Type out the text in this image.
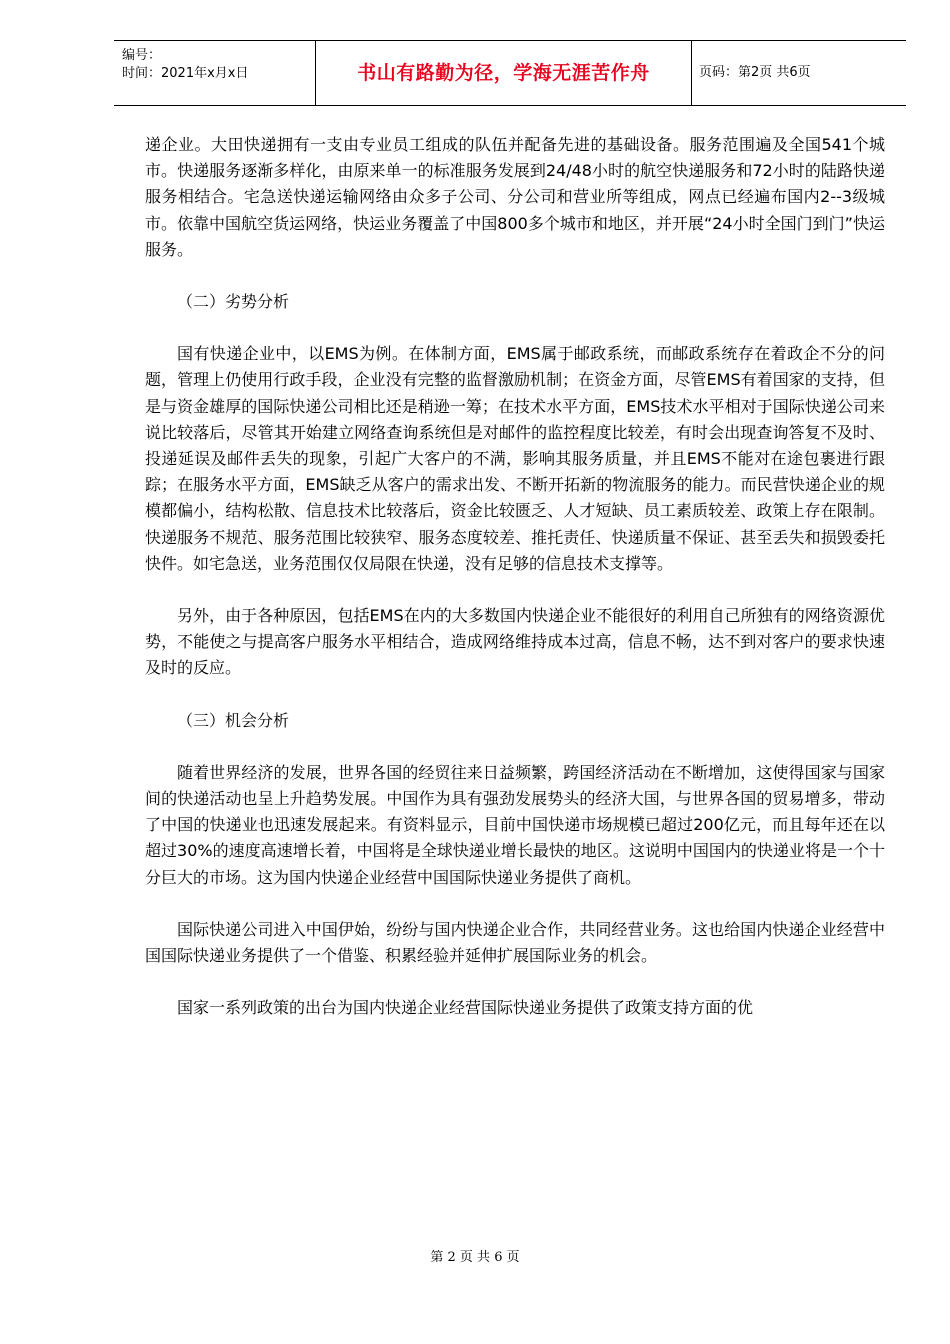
编号：
时间：2021年x月x日	书山有路勤为径，学海无涯苦作舟	页码：第2页 共6页

递企业。大田快递拥有一支由专业员工组成的队伍并配备先进的基础设备。服务范围遍及全国541个城市。快递服务逐渐多样化，由原来单一的标准服务发展到24/48小时的航空快递服务和72小时的陆路快递服务相结合。宅急送快递运输网络由众多子公司、分公司和营业所等组成，网点已经遍布国内2--3级城市。依靠中国航空货运网络，快运业务覆盖了中国800多个城市和地区，并开展“24小时全国门到门”快运服务。

（二）劣势分析

国有快递企业中，以EMS为例。在体制方面，EMS属于邮政系统，而邮政系统存在着政企不分的问题，管理上仍使用行政手段，企业没有完整的监督激励机制；在资金方面，尽管EMS有着国家的支持，但是与资金雄厚的国际快递公司相比还是稍逊一筹；在技术水平方面，EMS技术水平相对于国际快递公司来说比较落后，尽管其开始建立网络查询系统但是对邮件的监控程度比较差，有时会出现查询答复不及时、投递延误及邮件丢失的现象，引起广大客户的不满，影响其服务质量，并且EMS不能对在途包裹进行跟踪；在服务水平方面，EMS缺乏从客户的需求出发、不断开拓新的物流服务的能力。而民营快递企业的规模都偏小，结构松散、信息技术比较落后，资金比较匮乏、人才短缺、员工素质较差、政策上存在限制。快递服务不规范、服务范围比较狭窄、服务态度较差、推托责任、快递质量不保证、甚至丢失和损毁委托快件。如宅急送，业务范围仅仅局限在快递，没有足够的信息技术支撑等。

另外，由于各种原因，包括EMS在内的大多数国内快递企业不能很好的利用自己所独有的网络资源优势，不能使之与提高客户服务水平相结合，造成网络维持成本过高，信息不畅，达不到对客户的要求快速及时的反应。

（三）机会分析

随着世界经济的发展，世界各国的经贸往来日益频繁，跨国经济活动在不断增加，这使得国家与国家间的快递活动也呈上升趋势发展。中国作为具有强劲发展势头的经济大国，与世界各国的贸易增多，带动了中国的快递业也迅速发展起来。有资料显示，目前中国快递市场规模已超过200亿元，而且每年还在以超过30%的速度高速增长着，中国将是全球快递业增长最快的地区。这说明中国国内的快递业将是一个十分巨大的市场。这为国内快递企业经营中国国际快递业务提供了商机。

国际快递公司进入中国伊始，纷纷与国内快递企业合作，共同经营业务。这也给国内快递企业经营中国国际快递业务提供了一个借鉴、积累经验并延伸扩展国际业务的机会。

国家一系列政策的出台为国内快递企业经营国际快递业务提供了政策支持方面的优

第 2 页 共 6 页
